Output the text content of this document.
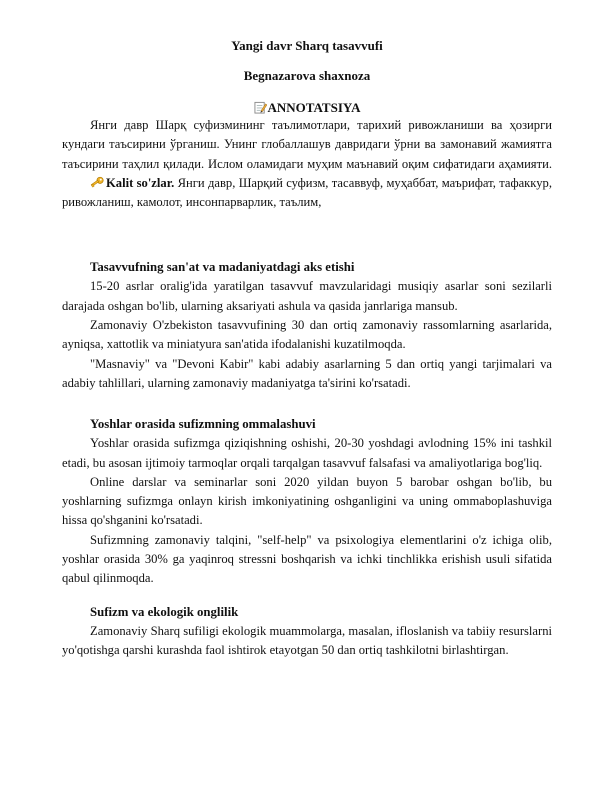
Yangi davr Sharq tasavvufi

Begnazarova shaxnoza

ANNOTATSIYA

Янги давр Шарқ суфизмининг таълимотлари, тарихий ривожланиши ва ҳозирги кундаги таъсирини ўрганиш. Унинг глобаллашув давридаги ўрни ва замонавий жамиятга таъсирини таҳлил қилади. Ислом оламидаги муҳим маънавий оқим сифатидаги аҳамияти.

Kalit so'zlar. Янги давр, Шарқий суфизм, тасаввуф, муҳаббат, маърифат, тафаккур, ривожланиш, камолот, инсонпарварлик, таълим,

Tasavvufning san'at va madaniyatdagi aks etishi

15-20 asrlar oralig'ida yaratilgan tasavvuf mavzularidagi musiqiy asarlar soni sezilarli darajada oshgan bo'lib, ularning aksariyati ashula va qasida janrlariga mansub.

Zamonaviy O'zbekiston tasavvufining 30 dan ortiq zamonaviy rassomlarning asarlarida, ayniqsa, xattotlik va miniatyura san'atida ifodalanishi kuzatilmoqda.

"Masnaviy" va "Devoni Kabir" kabi adabiy asarlarning 5 dan ortiq yangi tarjimalari va adabiy tahlillari, ularning zamonaviy madaniyatga ta'sirini ko'rsatadi.

Yoshlar orasida sufizmning ommalashuvi

Yoshlar orasida sufizmga qiziqishning oshishi, 20-30 yoshdagi avlodning 15% ini tashkil etadi, bu asosan ijtimoiy tarmoqlar orqali tarqalgan tasavvuf falsafasi va amaliyotlariga bog'liq.

Online darslar va seminarlar soni 2020 yildan buyon 5 barobar oshgan bo'lib, bu yoshlarning sufizmga onlayn kirish imkoniyatining oshganligini va uning ommaboplashuviga hissa qo'shganini ko'rsatadi.

Sufizmning zamonaviy talqini, "self-help" va psixologiya elementlarini o'z ichiga olib, yoshlar orasida 30% ga yaqinroq stressni boshqarish va ichki tinchlikka erishish usuli sifatida qabul qilinmoqda.

Sufizm va ekologik onglilik

Zamonaviy Sharq sufiligi ekologik muammolarga, masalan, ifloslanish va tabiiy resurslarni yo'qotishga qarshi kurashda faol ishtirok etayotgan 50 dan ortiq tashkilotni birlashtirgan.
